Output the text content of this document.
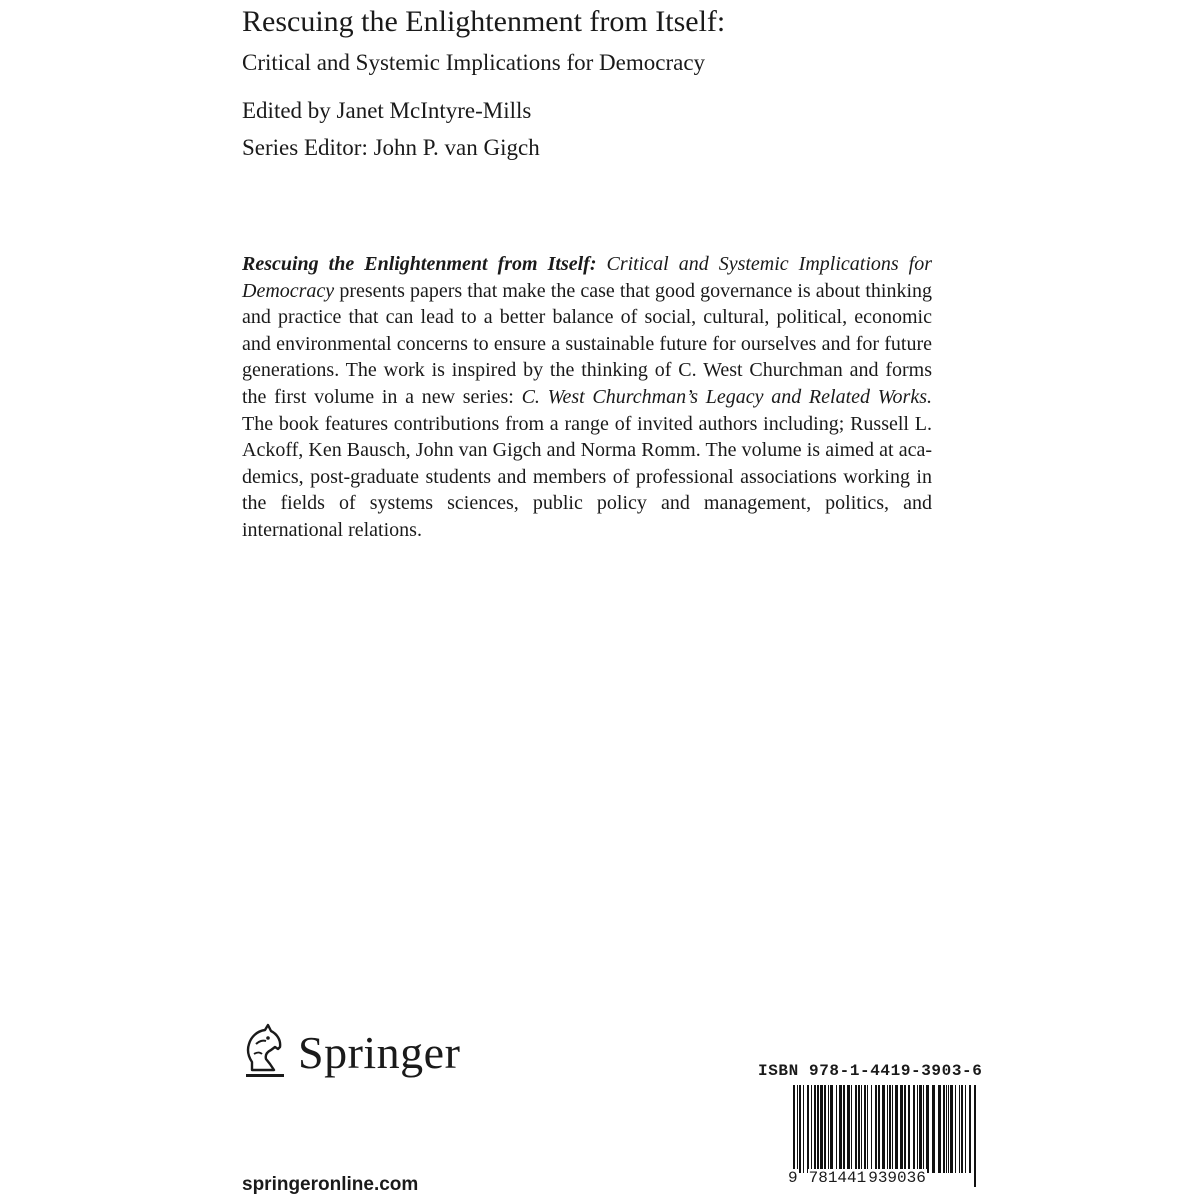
Rescuing the Enlightenment from Itself:
Critical and Systemic Implications for Democracy
Edited by Janet McIntyre-Mills
Series Editor: John P. van Gigch
Rescuing the Enlightenment from Itself: Critical and Systemic Implications for Democracy presents papers that make the case that good governance is about thinking and practice that can lead to a better balance of social, cultural, political, economic and environmental concerns to ensure a sustainable future for ourselves and for future generations. The work is inspired by the thinking of C. West Churchman and forms the first volume in a new series: C. West Churchman’s Legacy and Related Works. The book features contributions from a range of invited authors including; Russell L. Ackoff, Ken Bausch, John van Gigch and Norma Romm. The volume is aimed at academics, post-graduate students and members of professional associations working in the fields of systems sciences, public policy and management, politics, and international relations.
Springer
springeronline.com
ISBN 978-1-4419-3903-6
9 781441 939036
